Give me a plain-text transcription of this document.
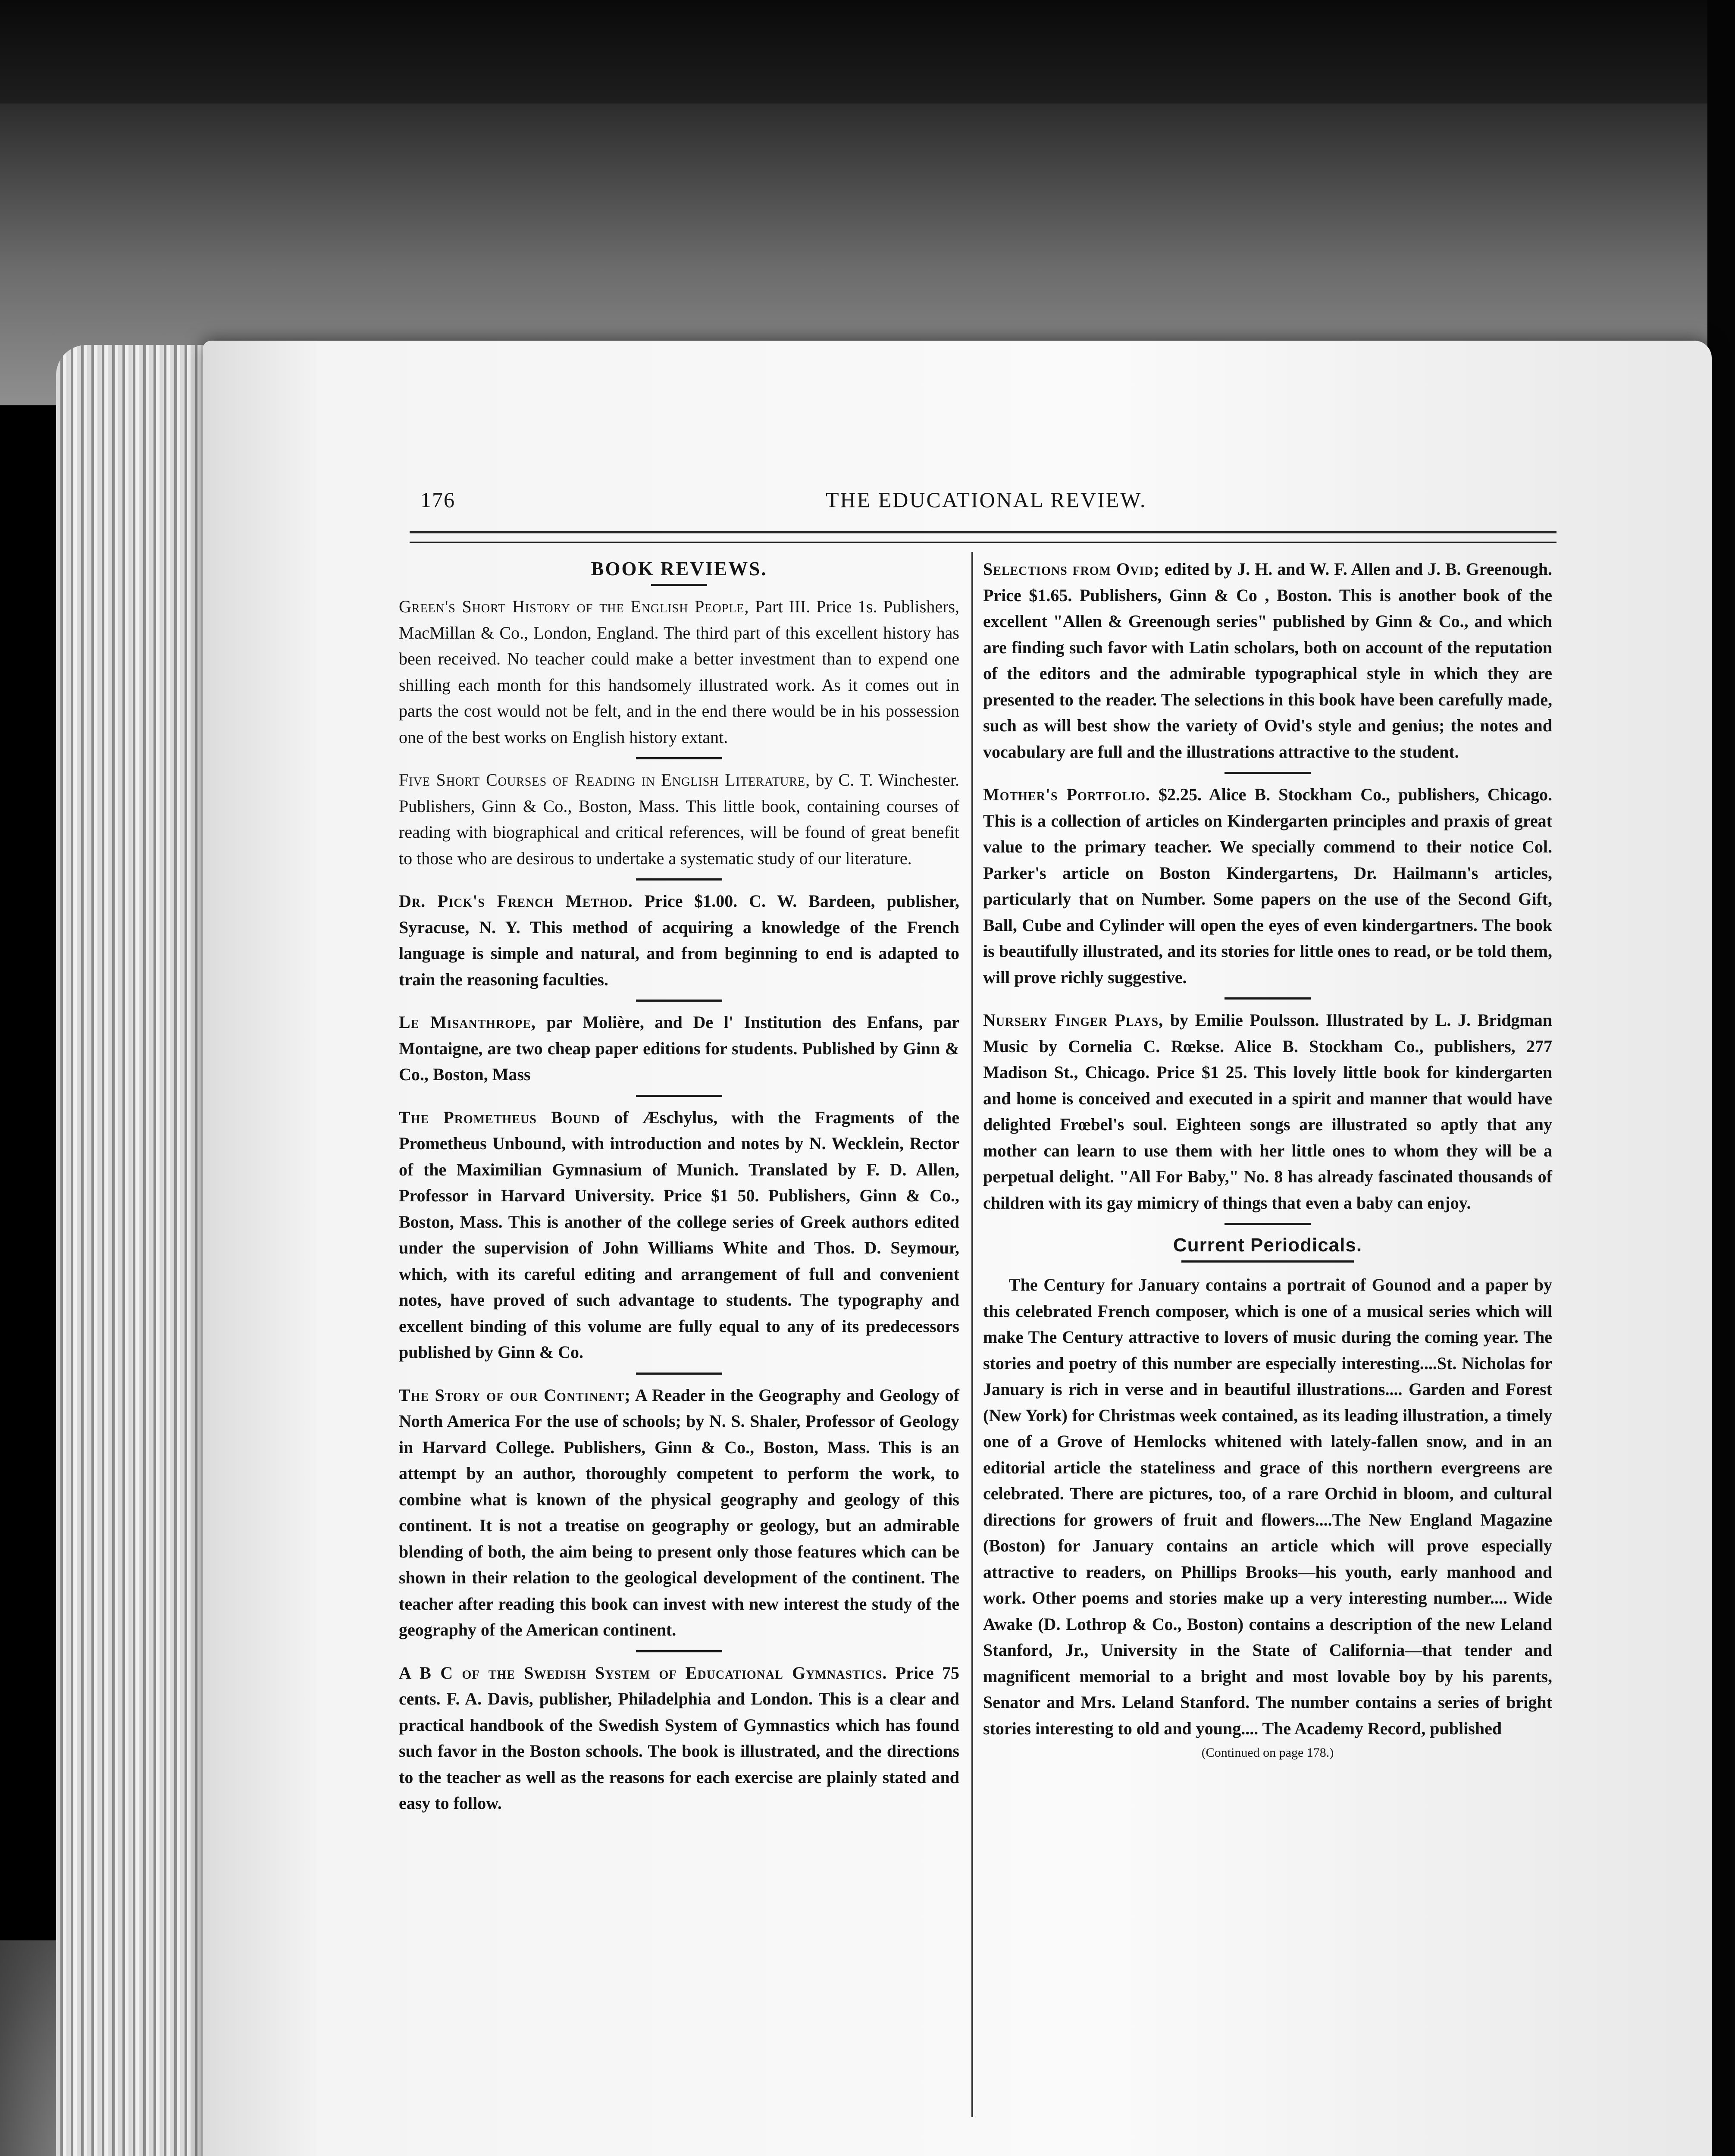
176	THE EDUCATIONAL REVIEW.
BOOK REVIEWS.

Green's Short History of the English People, Part III. Price 1s. Publishers, MacMillan & Co., London, England. The third part of this excellent history has been received. No teacher could make a better investment than to expend one shilling each month for this handsomely illustrated work. As it comes out in parts the cost would not be felt, and in the end there would be in his possession one of the best works on English history extant.

Five Short Courses of Reading in English Literature, by C. T. Winchester. Publishers, Ginn & Co., Boston, Mass. This little book, containing courses of reading with biographical and critical references, will be found of great benefit to those who are desirous to undertake a systematic study of our literature.

Dr. Pick's French Method. Price $1.00. C. W. Bardeen, publisher, Syracuse, N. Y. This method of acquiring a knowledge of the French language is simple and natural, and from beginning to end is adapted to train the reasoning faculties.

Le Misanthrope, par Molière, and De l' Institution des Enfans, par Montaigne, are two cheap paper editions for students. Published by Ginn & Co., Boston, Mass

The Prometheus Bound of Æschylus, with the Fragments of the Prometheus Unbound, with introduction and notes by N. Wecklein, Rector of the Maximilian Gymnasium of Munich. Translated by F. D. Allen, Professor in Harvard University. Price $1 50. Publishers, Ginn & Co., Boston, Mass. This is another of the college series of Greek authors edited under the supervision of John Williams White and Thos. D. Seymour, which, with its careful editing and arrangement of full and convenient notes, have proved of such advantage to students. The typography and excellent binding of this volume are fully equal to any of its predecessors published by Ginn & Co.

The Story of our Continent; A Reader in the Geography and Geology of North America For the use of schools; by N. S. Shaler, Professor of Geology in Harvard College. Publishers, Ginn & Co., Boston, Mass. This is an attempt by an author, thoroughly competent to perform the work, to combine what is known of the physical geography and geology of this continent. It is not a treatise on geography or geology, but an admirable blending of both, the aim being to present only those features which can be shown in their relation to the geological development of the continent. The teacher after reading this book can invest with new interest the study of the geography of the American continent.

A B C of the Swedish System of Educational Gymnastics. Price 75 cents. F. A. Davis, publisher, Philadelphia and London. This is a clear and practical handbook of the Swedish System of Gymnastics which has found such favor in the Boston schools. The book is illustrated, and the directions to the teacher as well as the reasons for each exercise are plainly stated and easy to follow.

Selections from Ovid; edited by J. H. and W. F. Allen and J. B. Greenough. Price $1.65. Publishers, Ginn & Co , Boston. This is another book of the excellent "Allen & Greenough series" published by Ginn & Co., and which are finding such favor with Latin scholars, both on account of the reputation of the editors and the admirable typographical style in which they are presented to the reader. The selections in this book have been carefully made, such as will best show the variety of Ovid's style and genius; the notes and vocabulary are full and the illustrations attractive to the student.

Mother's Portfolio. $2.25. Alice B. Stockham Co., publishers, Chicago. This is a collection of articles on Kindergarten principles and praxis of great value to the primary teacher. We specially commend to their notice Col. Parker's article on Boston Kindergartens, Dr. Hailmann's articles, particularly that on Number. Some papers on the use of the Second Gift, Ball, Cube and Cylinder will open the eyes of even kindergartners. The book is beautifully illustrated, and its stories for little ones to read, or be told them, will prove richly suggestive.

Nursery Finger Plays, by Emilie Poulsson. Illustrated by L. J. Bridgman Music by Cornelia C. Rœkse. Alice B. Stockham Co., publishers, 277 Madison St., Chicago. Price $1 25. This lovely little book for kindergarten and home is conceived and executed in a spirit and manner that would have delighted Frœbel's soul. Eighteen songs are illustrated so aptly that any mother can learn to use them with her little ones to whom they will be a perpetual delight. "All For Baby," No. 8 has already fascinated thousands of children with its gay mimicry of things that even a baby can enjoy.

Current Periodicals.

The Century for January contains a portrait of Gounod and a paper by this celebrated French composer, which is one of a musical series which will make The Century attractive to lovers of music during the coming year. The stories and poetry of this number are especially interesting....St. Nicholas for January is rich in verse and in beautiful illustrations.... Garden and Forest (New York) for Christmas week contained, as its leading illustration, a timely one of a Grove of Hemlocks whitened with lately-fallen snow, and in an editorial article the stateliness and grace of this northern evergreens are celebrated. There are pictures, too, of a rare Orchid in bloom, and cultural directions for growers of fruit and flowers....The New England Magazine (Boston) for January contains an article which will prove especially attractive to readers, on Phillips Brooks—his youth, early manhood and work. Other poems and stories make up a very interesting number.... Wide Awake (D. Lothrop & Co., Boston) contains a description of the new Leland Stanford, Jr., University in the State of California—that tender and magnificent memorial to a bright and most lovable boy by his parents, Senator and Mrs. Leland Stanford. The number contains a series of bright stories interesting to old and young.... The Academy Record, published

(Continued on page 178.)
